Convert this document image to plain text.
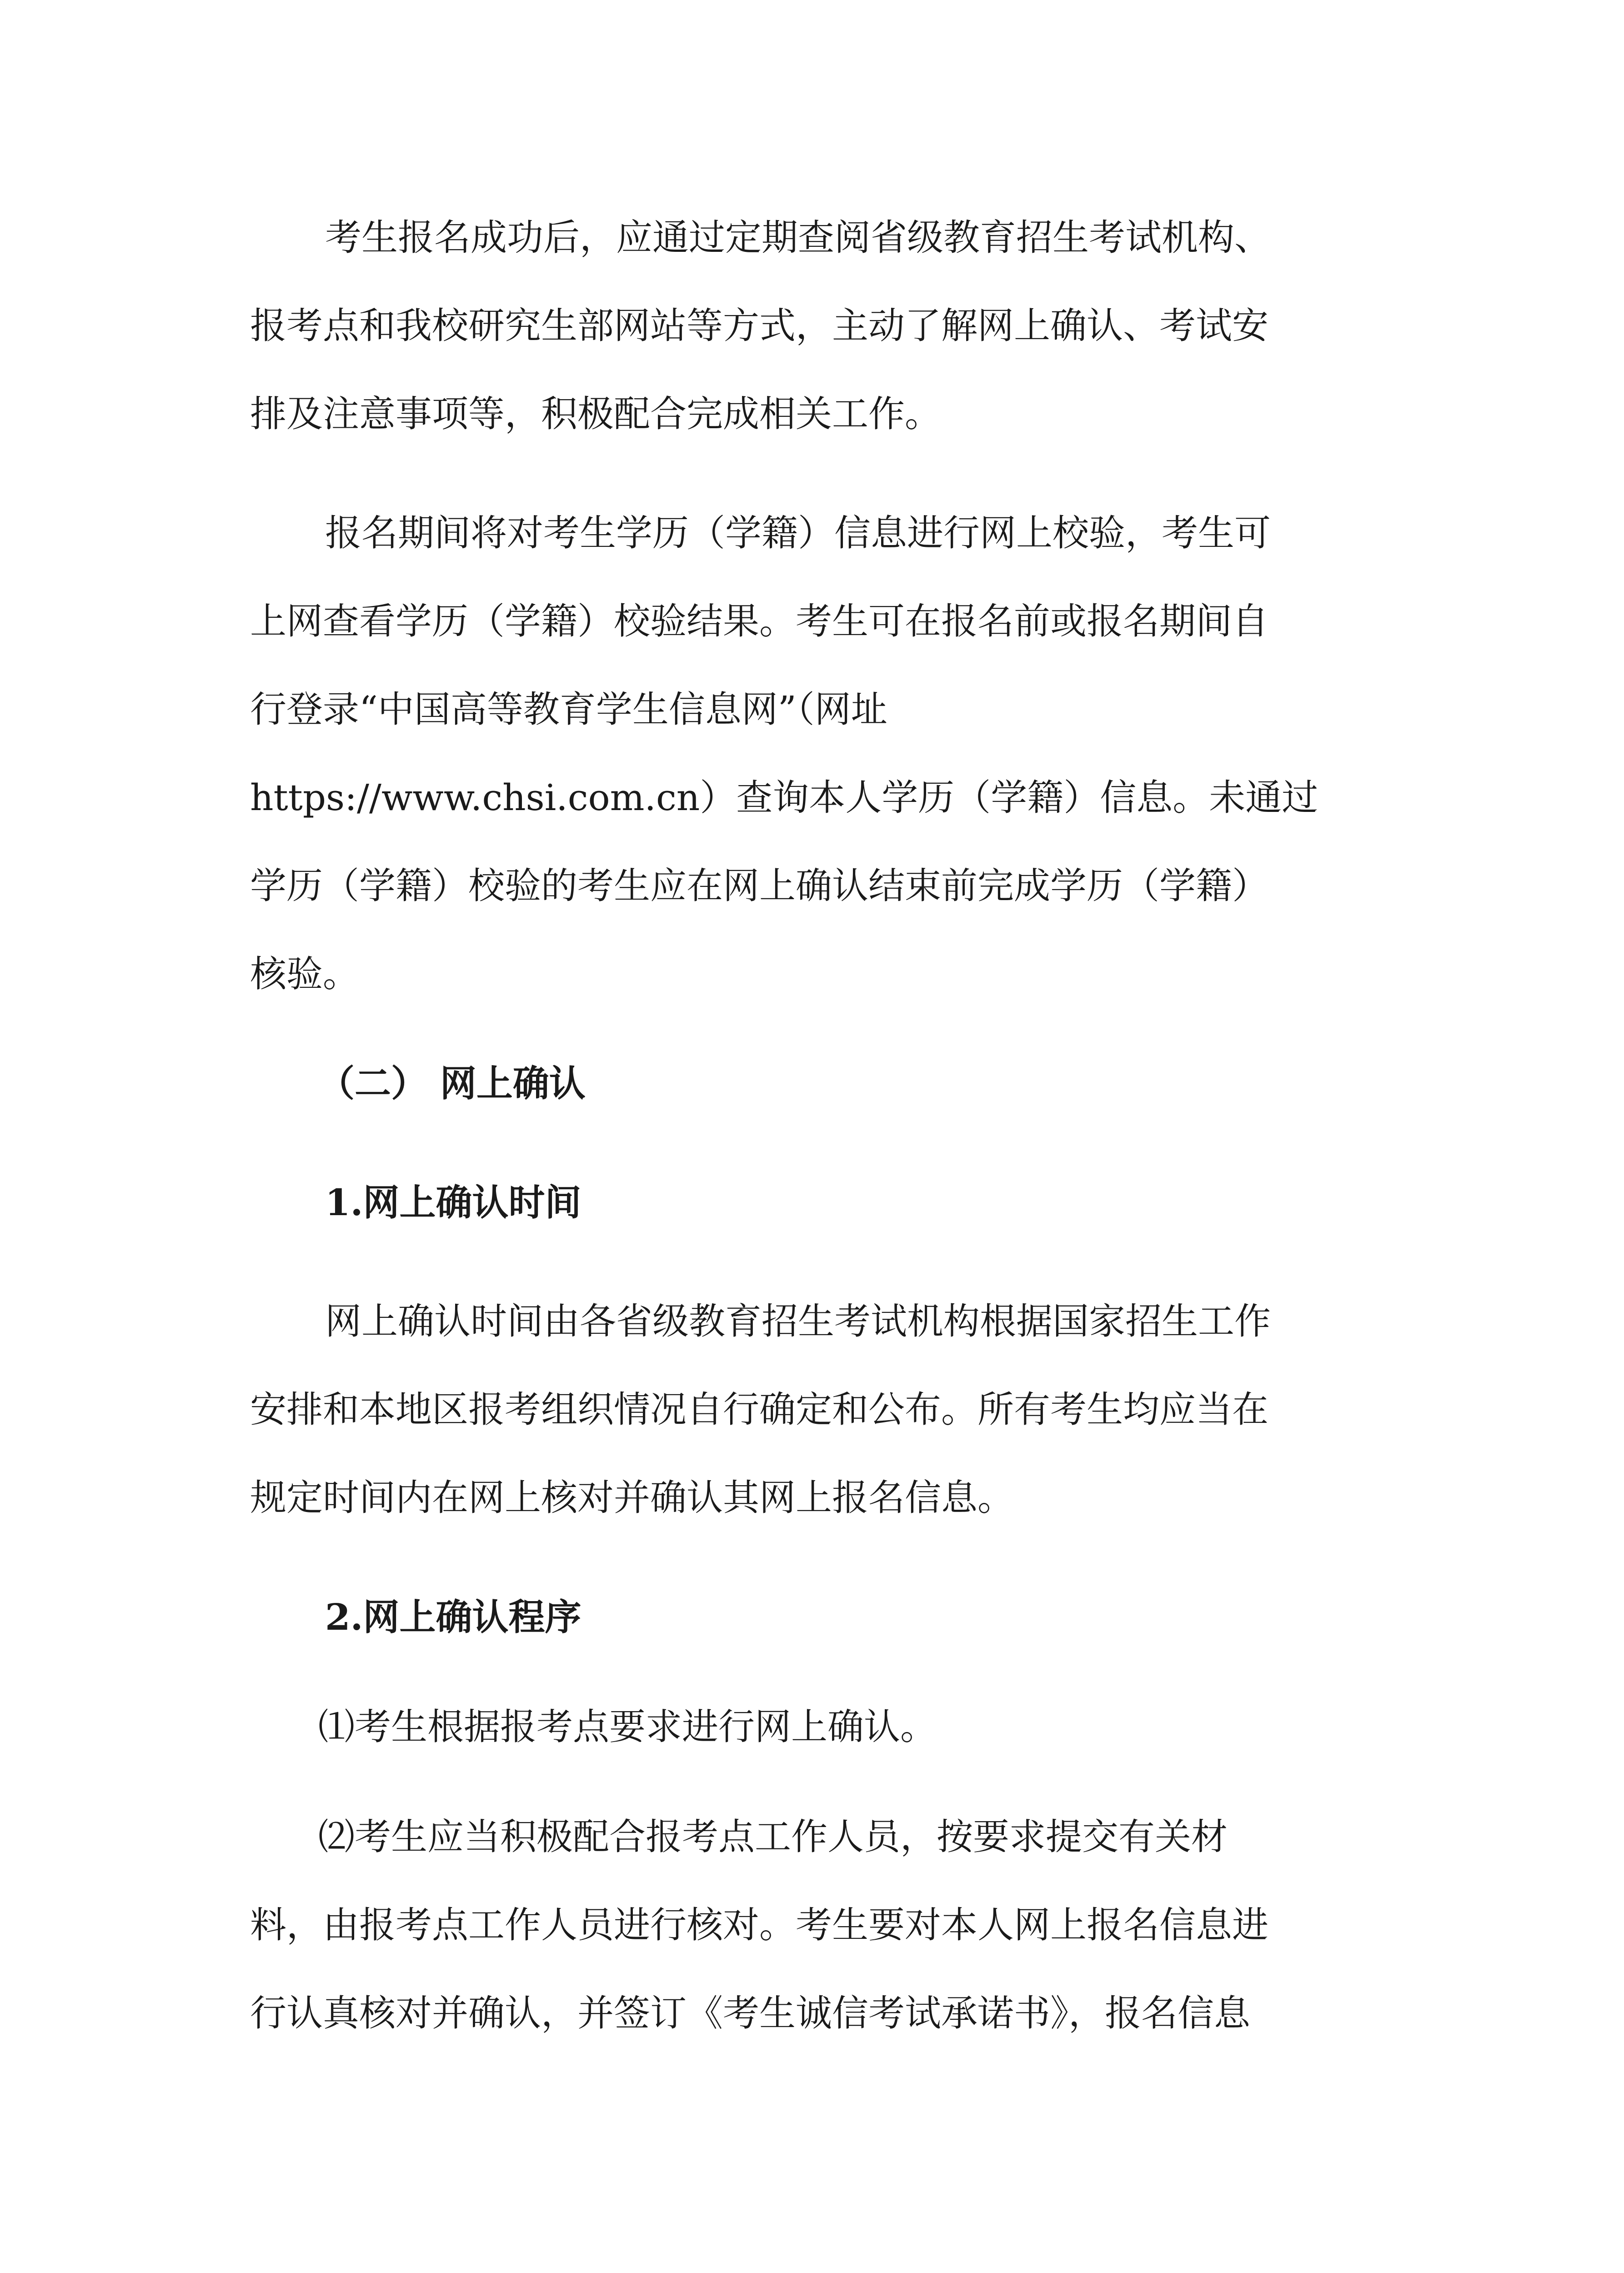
考生报名成功后，应通过定期查阅省级教育招生考试机构、

报考点和我校研究生部网站等方式，主动了解网上确认、考试安

排及注意事项等，积极配合完成相关工作。

报名期间将对考生学历（学籍）信息进行网上校验，考生可

上网查看学历（学籍）校验结果。考生可在报名前或报名期间自

行登录“中国高等教育学生信息网”（网址

https://www.chsi.com.cn）查询本人学历（学籍）信息。未通过

学历（学籍）校验的考生应在网上确认结束前完成学历（学籍）

核验。

（二） 网上确认

1.网上确认时间

网上确认时间由各省级教育招生考试机构根据国家招生工作

安排和本地区报考组织情况自行确定和公布。所有考生均应当在

规定时间内在网上核对并确认其网上报名信息。

2.网上确认程序

⑴考生根据报考点要求进行网上确认。

⑵考生应当积极配合报考点工作人员，按要求提交有关材

料，由报考点工作人员进行核对。考生要对本人网上报名信息进

行认真核对并确认，并签订《考生诚信考试承诺书》，报名信息
